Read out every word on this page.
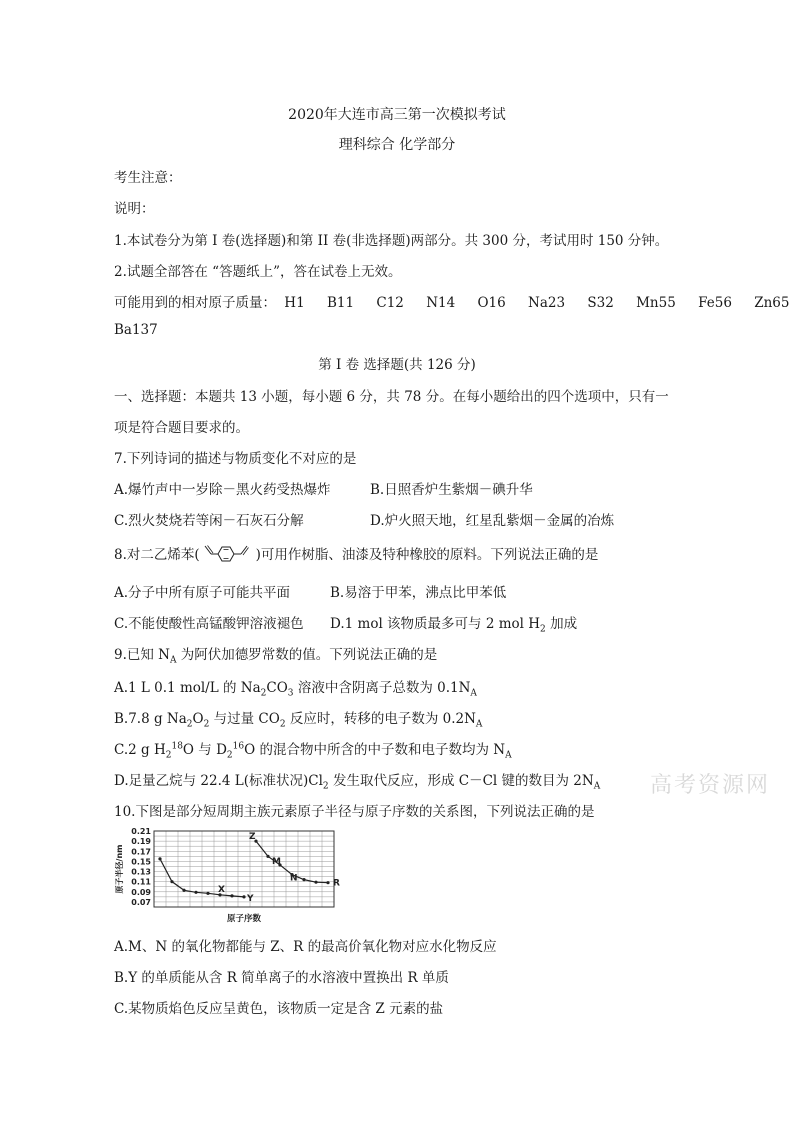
2020年大连市高三第一次模拟考试
理科综合 化学部分
考生注意：
说明：
1.本试卷分为第 I 卷(选择题)和第 II 卷(非选择题)两部分。共 300 分，考试用时 150 分钟。
2.试题全部答在 “答题纸上”，答在试卷上无效。
可能用到的相对原子质量： H1 B11 C12 N14 O16 Na23 S32 Mn55 Fe56 Zn65
Ba137
第 I 卷 选择题(共 126 分)
一、选择题：本题共 13 小题，每小题 6 分，共 78 分。在每小题给出的四个选项中，只有一
项是符合题目要求的。
7.下列诗词的描述与物质变化不对应的是
A.爆竹声中一岁除－黑火药受热爆炸	B.日照香炉生紫烟－碘升华
C.烈火焚烧若等闲－石灰石分解	D.炉火照天地，红星乱紫烟－金属的冶炼
8.对二乙烯苯(	)可用作树脂、油漆及特种橡胶的原料。下列说法正确的是
A.分子中所有原子可能共平面	B.易溶于甲苯，沸点比甲苯低
C.不能使酸性高锰酸钾溶液褪色 D.1 mol 该物质最多可与 2 mol $H_2$ 加成
9.已知 $N_A$ 为阿伏加德罗常数的值。下列说法正确的是
A.1 L 0.1 mol/L 的 $Na_2CO_3$ 溶液中含阴离子总数为 $0.1N_A$
B.7.8 g $Na_2O_2$ 与过量 $CO_2$ 反应时，转移的电子数为 $0.2N_A$
C.2 g $H_2^{18}O$ 与 $D_2^{16}O$ 的混合物中所含的中子数和电子数均为 $N_A$
D.足量乙烷与 22.4 L(标准状况)$Cl_2$ 发生取代反应，形成 C－Cl 键的数目为 $2N_A$ 高考资源网
10.下图是部分短周期主族元素原子半径与原子序数的关系图，下列说法正确的是
0.21
0.19
0.17
0.15
0.13
0.11
0.09
0.07
原子半径/nm
原子序数
X
Y
Z
M
N
R
A.M、N 的氧化物都能与 Z、R 的最高价氧化物对应水化物反应
B.Y 的单质能从含 R 简单离子的水溶液中置换出 R 单质
C.某物质焰色反应呈黄色，该物质一定是含 Z 元素的盐
